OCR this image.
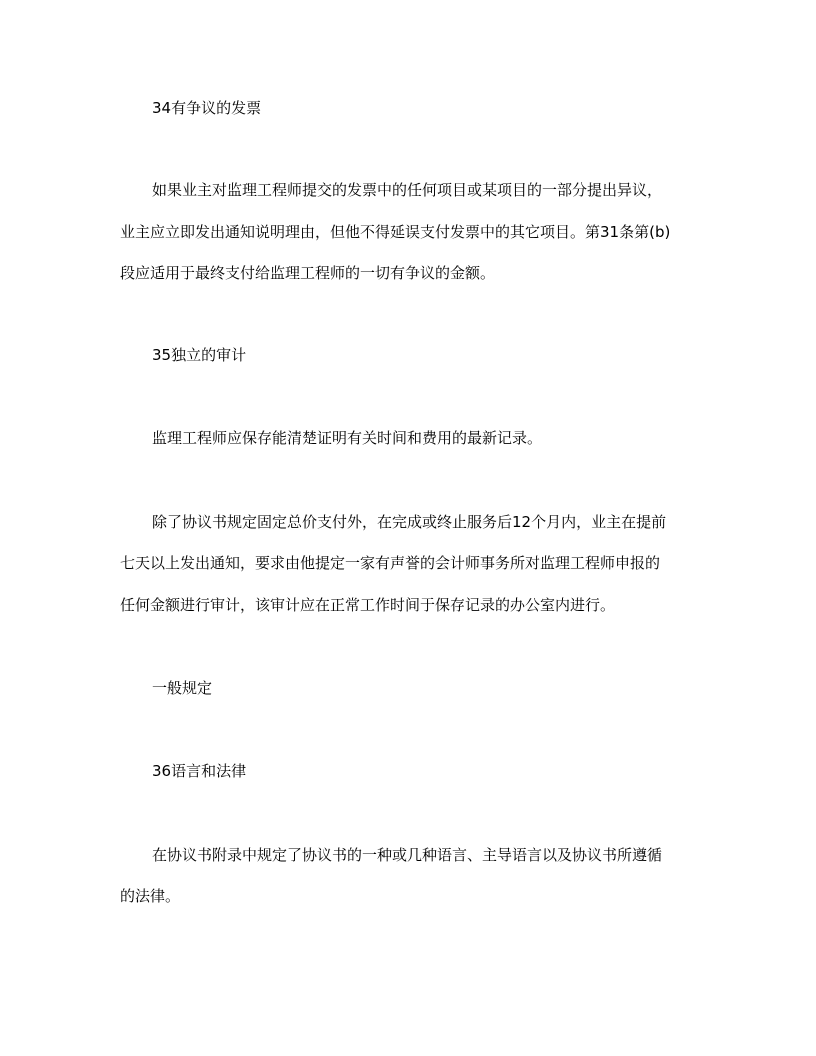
34有争议的发票
如果业主对监理工程师提交的发票中的任何项目或某项目的一部分提出异议，
业主应立即发出通知说明理由，但他不得延误支付发票中的其它项目。第31条第(b)
段应适用于最终支付给监理工程师的一切有争议的金额。
35独立的审计
监理工程师应保存能清楚证明有关时间和费用的最新记录。
除了协议书规定固定总价支付外，在完成或终止服务后12个月内，业主在提前
七天以上发出通知，要求由他提定一家有声誉的会计师事务所对监理工程师申报的
任何金额进行审计，该审计应在正常工作时间于保存记录的办公室内进行。
一般规定
36语言和法律
在协议书附录中规定了协议书的一种或几种语言、主导语言以及协议书所遵循
的法律。
